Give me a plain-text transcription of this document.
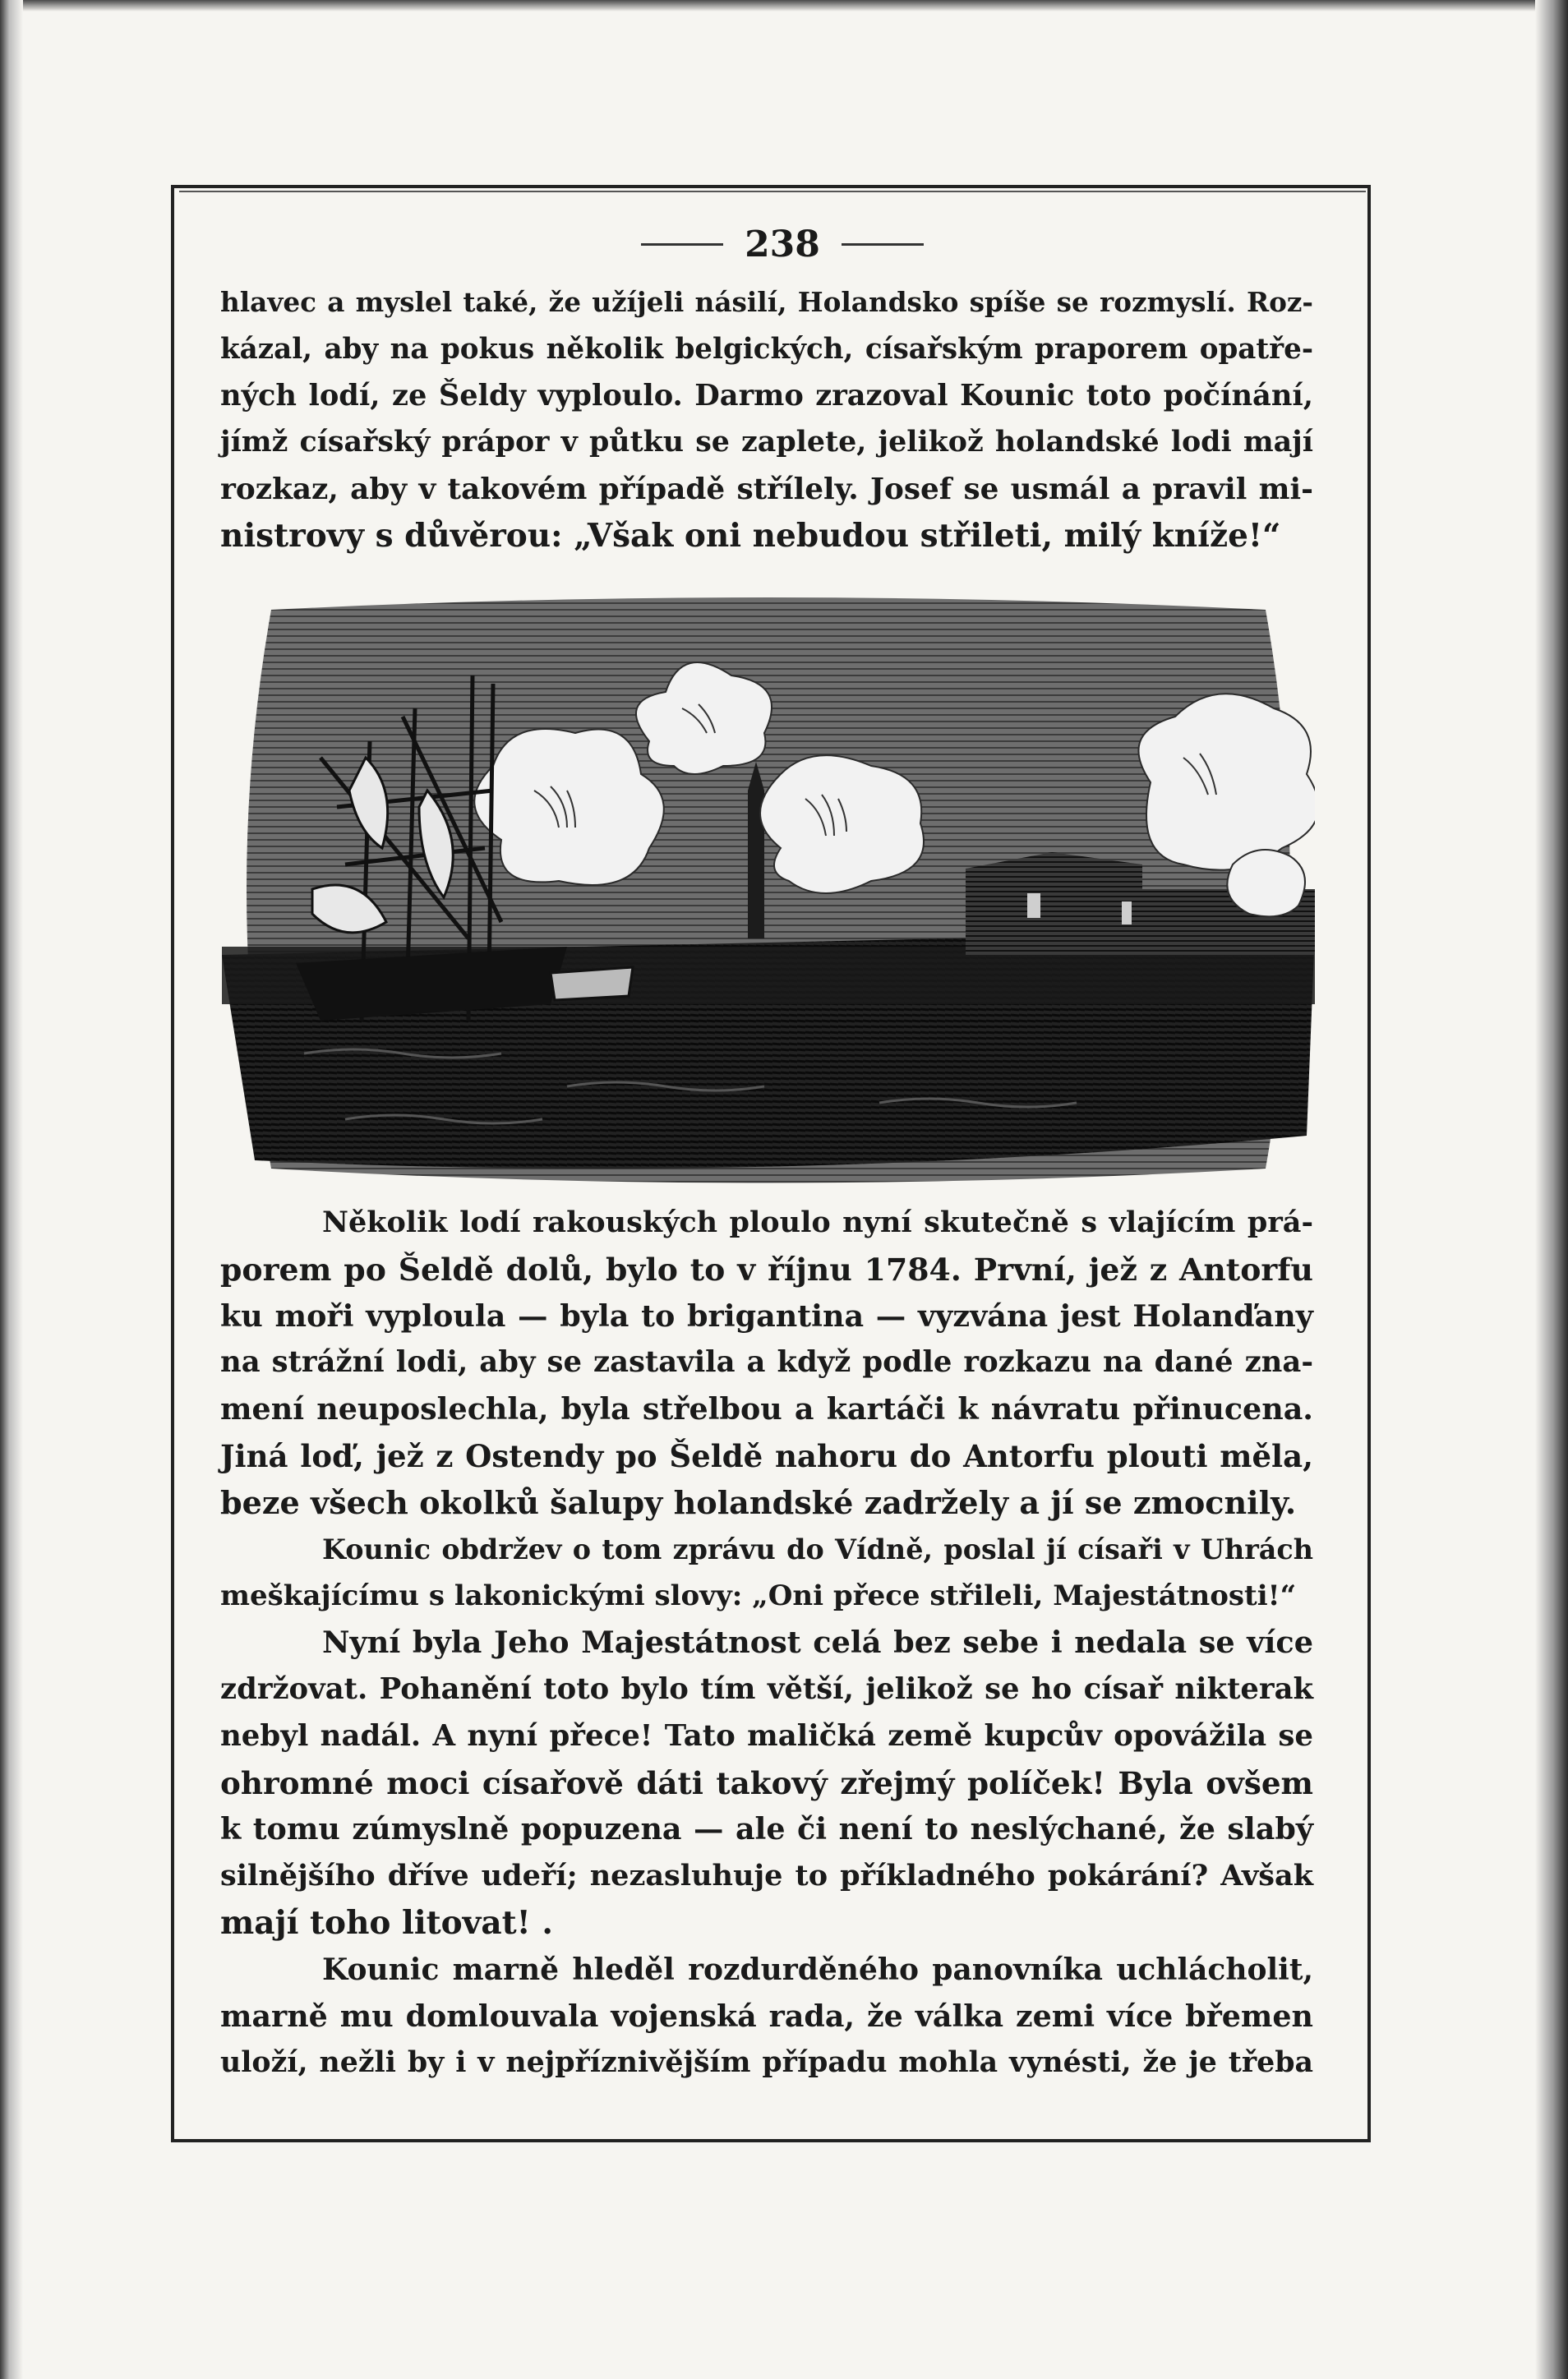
238
hlavec a myslel také, že užíjeli násilí, Holandsko spíše se rozmyslí. Roz-
kázal, aby na pokus několik belgických, císařským praporem opatře-
ných lodí, ze Šeldy vyploulo. Darmo zrazoval Kounic toto počínání,
jímž císařský prápor v půtku se zaplete, jelikož holandské lodi mají
rozkaz, aby v takovém případě střílely. Josef se usmál a pravil mi-
nistrovy s důvěrou: „Však oni nebudou střileti, milý kníže!“
Několik lodí rakouských ploulo nyní skutečně s vlajícím prá-
porem po Šeldě dolů, bylo to v říjnu 1784. První, jež z Antorfu
ku moři vyploula — byla to brigantina — vyzvána jest Holanďany
na strážní lodi, aby se zastavila a když podle rozkazu na dané zna-
mení neuposlechla, byla střelbou a kartáči k návratu přinucena.
Jiná loď, jež z Ostendy po Šeldě nahoru do Antorfu plouti měla,
beze všech okolků šalupy holandské zadržely a jí se zmocnily.
Kounic obdržev o tom zprávu do Vídně, poslal jí císaři v Uhrách
meškajícímu s lakonickými slovy: „Oni přece střileli, Majestátnosti!“
Nyní byla Jeho Majestátnost celá bez sebe i nedala se více
zdržovat. Pohanění toto bylo tím větší, jelikož se ho císař nikterak
nebyl nadál. A nyní přece! Tato maličká země kupcův opovážila se
ohromné moci císařově dáti takový zřejmý políček! Byla ovšem
k tomu zúmyslně popuzena — ale či není to neslýchané, že slabý
silnějšího dříve udeří; nezasluhuje to příkladného pokárání? Avšak
mají toho litovat! .
Kounic marně hleděl rozdurděného panovníka uchlácholit,
marně mu domlouvala vojenská rada, že válka zemi více břemen
uloží, nežli by i v nejpříznivějším případu mohla vynésti, že je třeba
